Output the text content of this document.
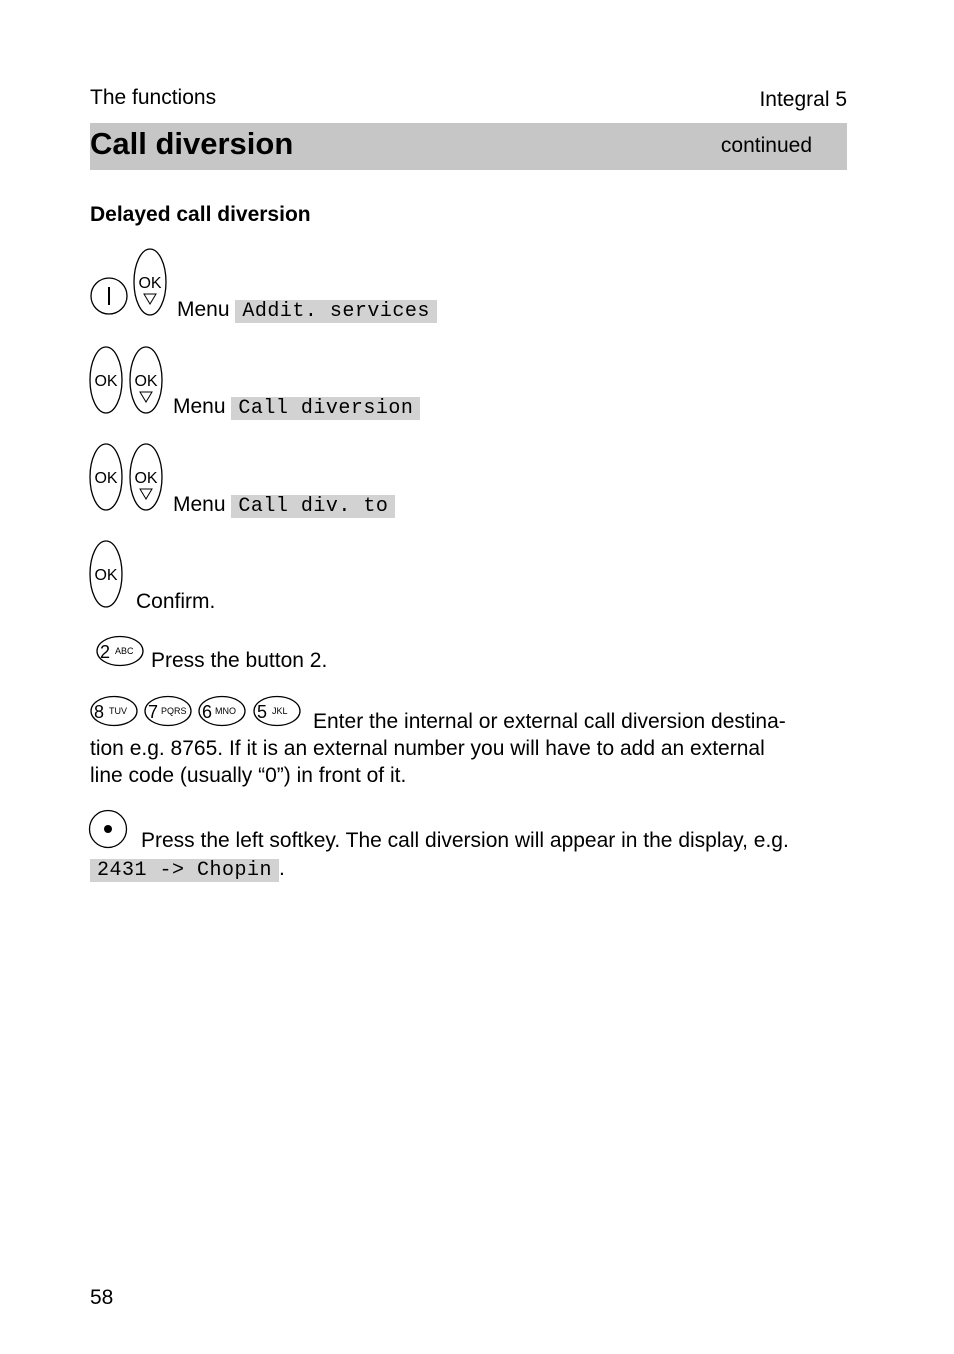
The functions	Integral 5
Call diversion	continued
Delayed call diversion
OK
Menu Addit. services
OK OK
Menu Call diversion
OK OK
Menu Call div. to
OK
Confirm.
2 ABC Press the button 2.
8 TUV 7 PQRS 6 MNO 5 JKL Enter the internal or external call diversion destina-
tion e.g. 8765. If it is an external number you will have to add an external
line code (usually “0”) in front of it.
Press the left softkey. The call diversion will appear in the display, e.g.
2431 -> Chopin .
58
